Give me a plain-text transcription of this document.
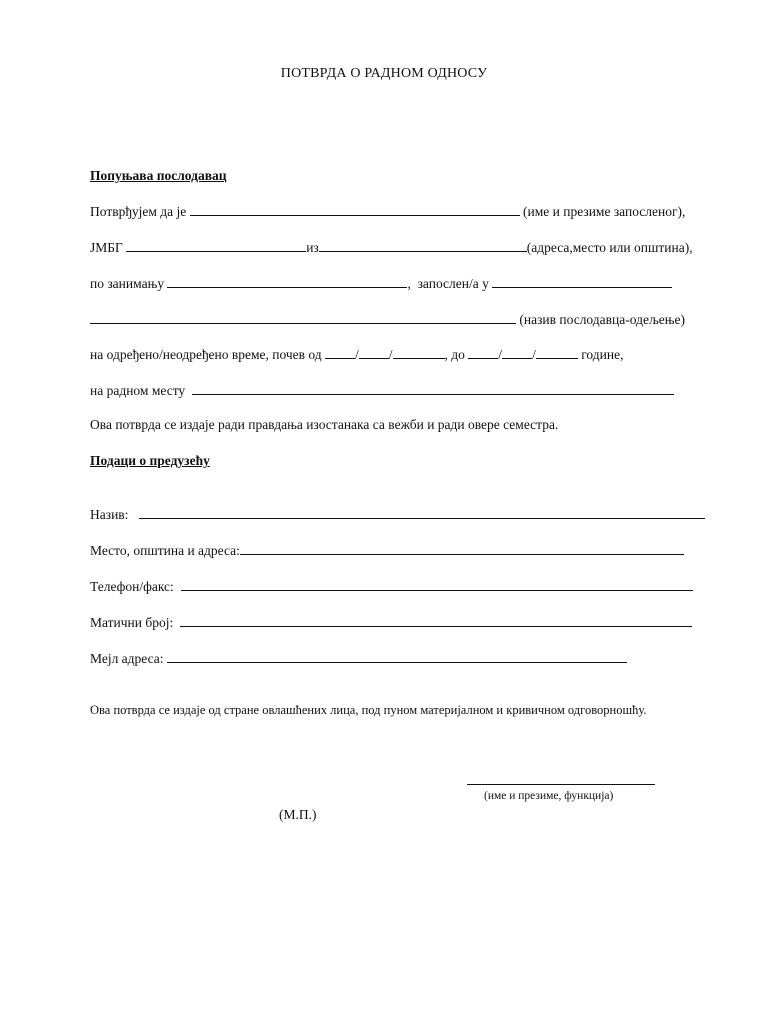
ПОТВРДА О РАДНОМ ОДНОСУ
Попуњава послодавац
Потврђујем да је	(име и презиме запосленог),
ЈМБГ	из	(адреса,место или општина),
по занимању	,  запослен/а у
(назив послодавца-одељење)
на одређено/неодређено време, почев од / /	, до / /	године,
на радном месту
Ова потврда се издаје ради правдања изостанака са вежби и ради овере семестра.
Подаци о предузећу
Назив:
Место, општина и адреса:
Телефон/факс:
Матични број:
Мејл адреса:
Ова потврда се издаје од стране овлашћених лица, под пуном материјалном и кривичном одговорношћу.
(име и презиме, функција)
(М.П.)
